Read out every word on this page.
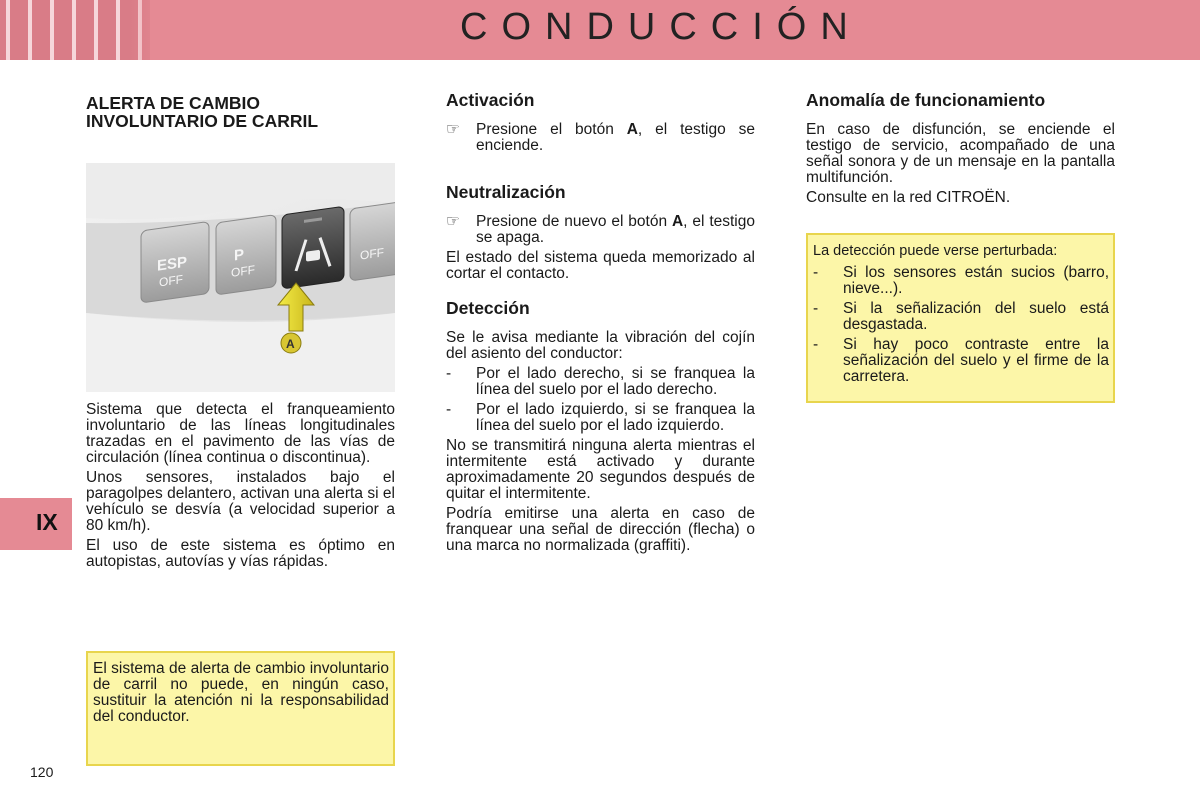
CONDUCCIÓN
IX
ALERTA DE CAMBIO
INVOLUNTARIO DE CARRIL
ESP
OFF
P
OFF
OFF
A

Sistema que detecta el franqueamiento involuntario de las líneas longitudinales trazadas en el pavimento de las vías de circulación (línea continua o discontinua).

Unos sensores, instalados bajo el paragolpes delantero, activan una alerta si el vehículo se desvía (a velocidad superior a 80 km/h).

El uso de este sistema es óptimo en autopistas, autovías y vías rápidas.

El sistema de alerta de cambio involuntario de carril no puede, en ningún caso, sustituir la atención ni la responsabilidad del conductor.

Activación
☞ Presione el botón A, el testigo se enciende.
Neutralización
☞ Presione de nuevo el botón A, el testigo se apaga.

El estado del sistema queda memorizado al cortar el contacto.

Detección

Se le avisa mediante la vibración del cojín del asiento del conductor:

- Por el lado derecho, si se franquea la línea del suelo por el lado derecho.
- Por el lado izquierdo, si se franquea la línea del suelo por el lado izquierdo.

No se transmitirá ninguna alerta mientras el intermitente está activado y durante aproximadamente 20 segundos después de quitar el intermitente.

Podría emitirse una alerta en caso de franquear una señal de dirección (flecha) o una marca no normalizada (graffiti).

Anomalía de funcionamiento

En caso de disfunción, se enciende el testigo de servicio, acompañado de una señal sonora y de un mensaje en la pantalla multifunción.

Consulte en la red CITROËN.

La detección puede verse perturbada:

- Si los sensores están sucios (barro, nieve...).
- Si la señalización del suelo está desgastada.
- Si hay poco contraste entre la señalización del suelo y el firme de la carretera.
120
